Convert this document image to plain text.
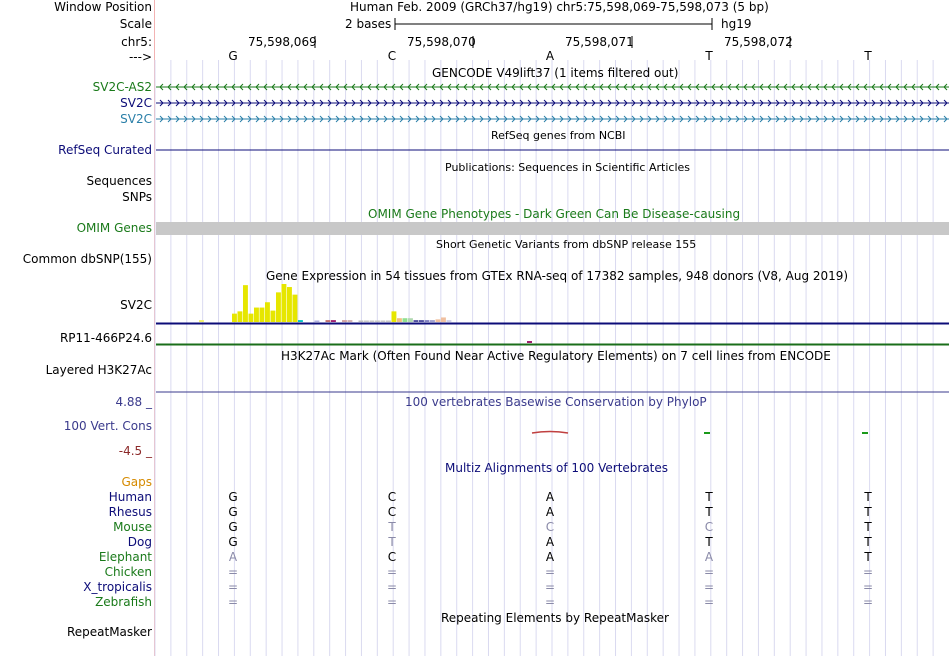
Window Position	Human Feb. 2009 (GRCh37/hg19) chr5:75,598,069-75,598,073 (5 bp)
Scale	2 bases	hg19
chr5:	75,598,069	75,598,070	75,598,071	75,598,072
--->	G	C	A	T	T
GENCODE V49lift37 (1 items filtered out)
SV2C-AS2
SV2C
SV2C
RefSeq genes from NCBI
RefSeq Curated
Publications: Sequences in Scientific Articles
Sequences
SNPs
OMIM Gene Phenotypes - Dark Green Can Be Disease-causing
OMIM Genes
Short Genetic Variants from dbSNP release 155
Common dbSNP(155)
Gene Expression in 54 tissues from GTEx RNA-seq of 17382 samples, 948 donors (V8, Aug 2019)
SV2C
RP11-466P24.6
H3K27Ac Mark (Often Found Near Active Regulatory Elements) on 7 cell lines from ENCODE
Layered H3K27Ac
4.88 _	100 vertebrates Basewise Conservation by PhyloP
100 Vert. Cons
-4.5 _
Multiz Alignments of 100 Vertebrates
Gaps
Human	G	C	A	T	T
Rhesus	G	C	A	T	T
Mouse	G	T	C	C	T
Dog	G	T	A	T	T
Elephant	A	C	A	A	T
Chicken	=	=	=	=	=
X_tropicalis	=	=	=	=	=
Zebrafish	=	=	=	=	=
Repeating Elements by RepeatMasker
RepeatMasker
